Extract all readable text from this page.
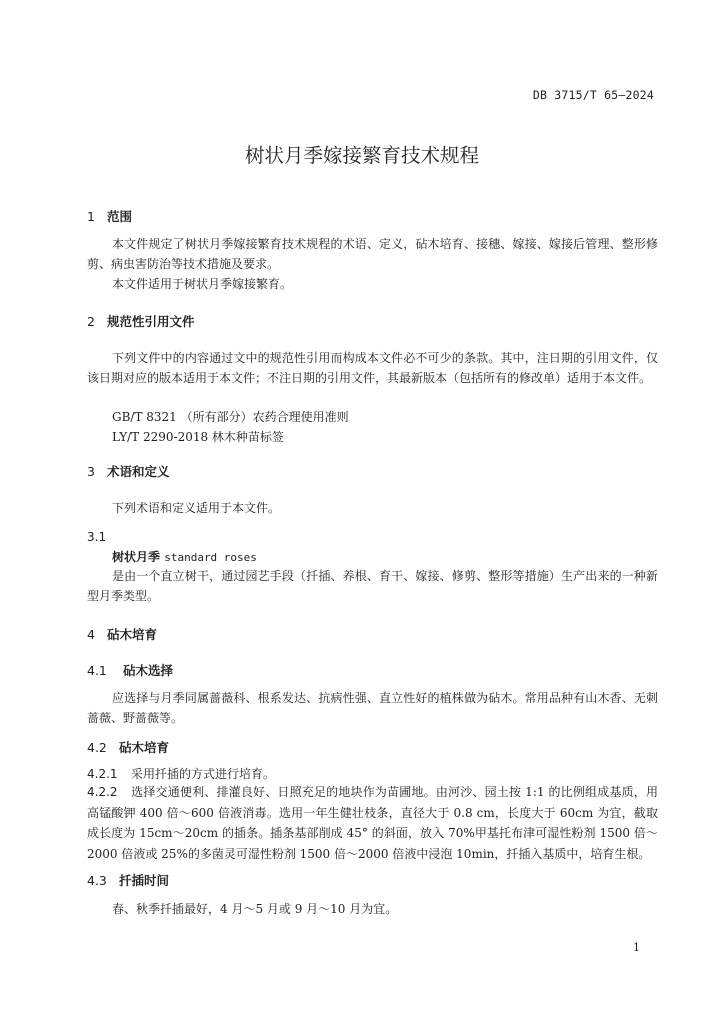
DB 3715/T 65—2024
树状月季嫁接繁育技术规程
1 范围
本文件规定了树状月季嫁接繁育技术规程的术语、定义，砧木培育、接穗、嫁接、嫁接后管理、整形修剪、病虫害防治等技术措施及要求。
本文件适用于树状月季嫁接繁育。
2 规范性引用文件
下列文件中的内容通过文中的规范性引用而构成本文件必不可少的条款。其中，注日期的引用文件，仅该日期对应的版本适用于本文件；不注日期的引用文件，其最新版本（包括所有的修改单）适用于本文件。
GB/T 8321 （所有部分）农药合理使用准则
LY/T 2290-2018 林木种苗标签
3 术语和定义
下列术语和定义适用于本文件。
3.1
树状月季 standard roses
是由一个直立树干，通过园艺手段（扦插、养根、育干、嫁接、修剪、整形等措施）生产出来的一种新型月季类型。
4 砧木培育
4.1 砧木选择
应选择与月季同属蔷薇科、根系发达、抗病性强、直立性好的植株做为砧木。常用品种有山木香、无刺蔷薇、野蔷薇等。
4.2 砧木培育
4.2.1 采用扦插的方式进行培育。
4.2.2 选择交通便利、排灌良好、日照充足的地块作为苗圃地。由河沙、园土按 1:1 的比例组成基质，用高锰酸钾 400 倍～600 倍液消毒。选用一年生健壮枝条，直径大于 0.8 cm，长度大于 60cm 为宜，截取成长度为 15cm～20cm 的插条。插条基部削成 45° 的斜面，放入 70%甲基托布津可湿性粉剂 1500 倍～2000 倍液或 25%的多菌灵可湿性粉剂 1500 倍～2000 倍液中浸泡 10min，扦插入基质中，培育生根。
4.3 扦插时间
春、秋季扦插最好，4 月～5 月或 9 月～10 月为宜。
1
